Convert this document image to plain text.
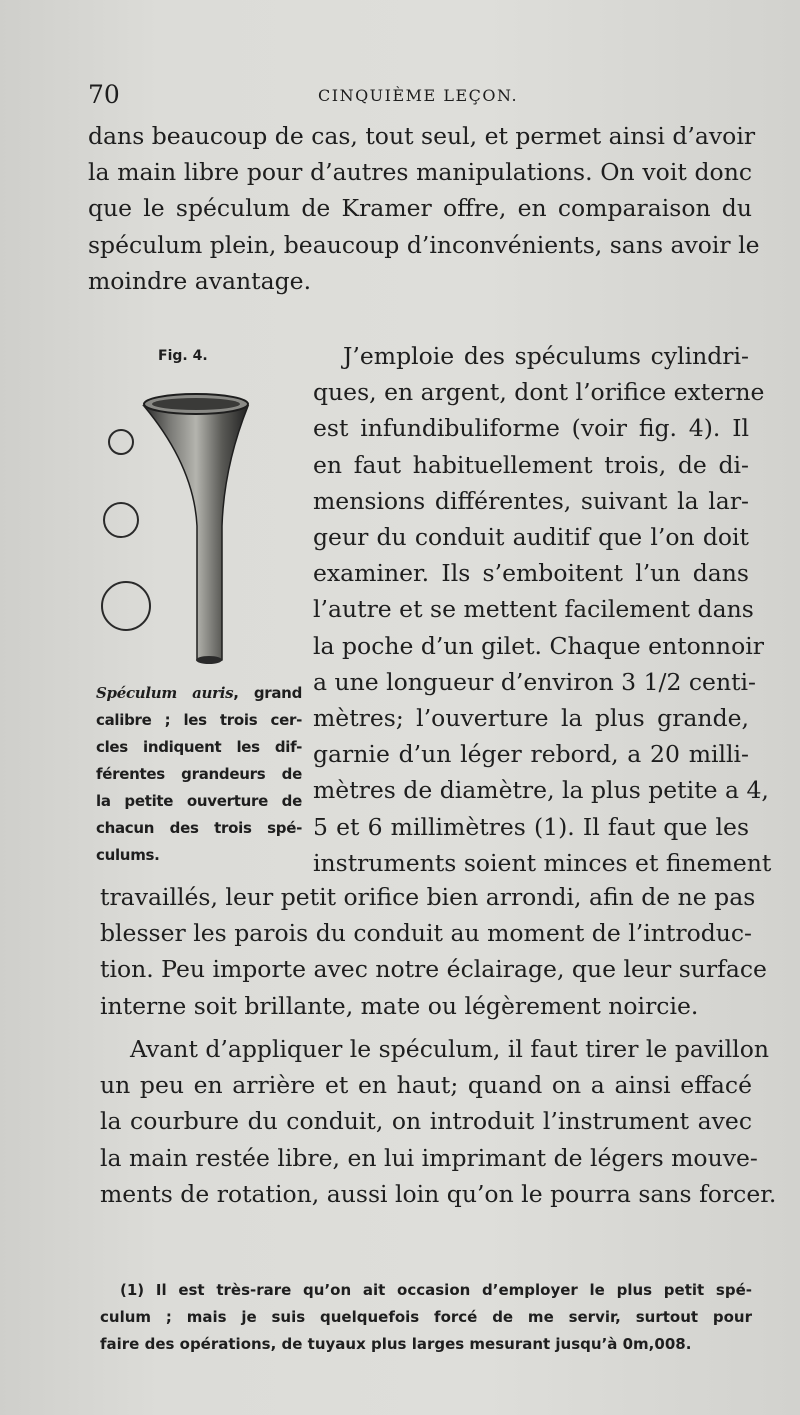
70	CINQUIÈME LEÇON.

dans beaucoup de cas, tout seul, et permet ainsi d’avoir
la main libre pour d’autres manipulations. On voit donc
que le spéculum de Kramer offre, en comparaison du
spéculum plein, beaucoup d’inconvénients, sans avoir le
moindre avantage.

Fig. 4.
Spéculum auris, grand
calibre ; les trois cer-
cles indiquent les dif-
férentes grandeurs de
la petite ouverture de
chacun des trois spé-
culums.

J’emploie des spéculums cylindri-
ques, en argent, dont l’orifice externe
est infundibuliforme (voir fig. 4). Il
en faut habituellement trois, de di-
mensions différentes, suivant la lar-
geur du conduit auditif que l’on doit
examiner. Ils s’emboitent l’un dans
l’autre et se mettent facilement dans
la poche d’un gilet. Chaque entonnoir
a une longueur d’environ 3 1/2 centi-
mètres; l’ouverture la plus grande,
garnie d’un léger rebord, a 20 milli-
mètres de diamètre, la plus petite a 4,
5 et 6 millimètres (1). Il faut que les
instruments soient minces et finement

travaillés, leur petit orifice bien arrondi, afin de ne pas
blesser les parois du conduit au moment de l’introduc-
tion. Peu importe avec notre éclairage, que leur surface
interne soit brillante, mate ou légèrement noircie.

Avant d’appliquer le spéculum, il faut tirer le pavillon
un peu en arrière et en haut; quand on a ainsi effacé
la courbure du conduit, on introduit l’instrument avec
la main restée libre, en lui imprimant de légers mouve-
ments de rotation, aussi loin qu’on le pourra sans forcer.

(1) Il est très-rare qu’on ait occasion d’employer le plus petit spé-
culum ; mais je suis quelquefois forcé de me servir, surtout pour
faire des opérations, de tuyaux plus larges mesurant jusqu’à 0m,008.
